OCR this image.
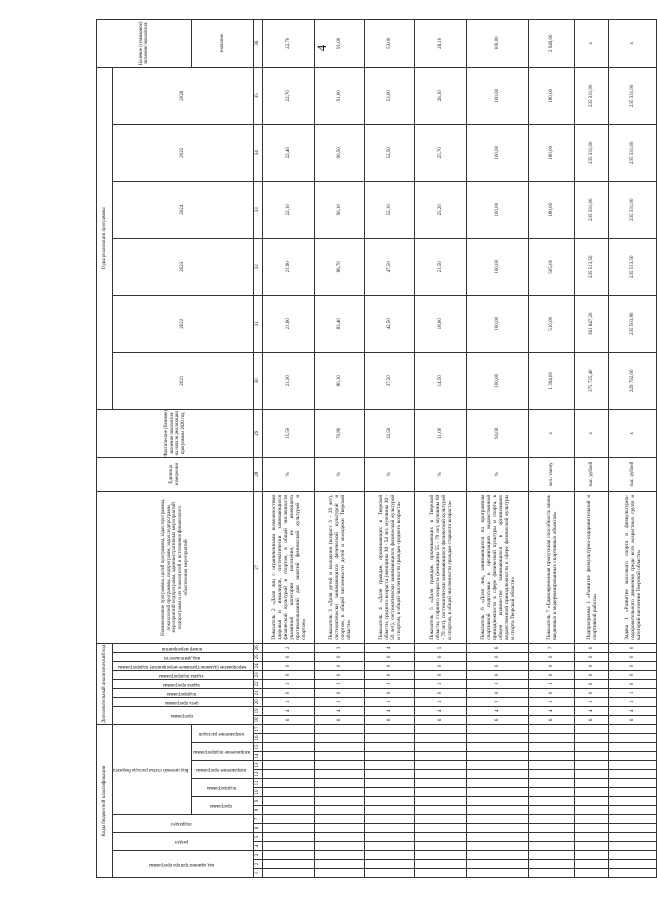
4
Коды бюджетной классификации																	Дополнительный аналитический код									Наименование программы, целей программы, задач программы, показателей программы, подпрограмм, задач подпрограмм, мероприятий подпрограмм, административных мероприятий подпрограмм и их показателей и источников финансового обеспечения мероприятий	Единица измерения	Фактическое (базовое) значение показателя на начало реализации программы 2020 год	Годы реализации программы						Целевое (суммарное) значение показателя	
код администратора программы			раздел		подраздел		Код целевой статьи расхода бюджета										программа		цель программы	подпрограмма	задача программы	задача подпрограммы	мероприятие (административное мероприятие) подпрограммы	вид деятельности	номер мероприятия				2021	2022	2023	2024	2025	2026		
							программа		подпрограмма		направление программы		направление подпрограммы		направление расходов																				значение	
1	2	3	4	5	6	7	8	9	10	11	12	13	14	15	16	17	18	19	20	21	22	23	24	25	26	27	28	29	30	31	32	33	34	35	36	
																	6	4	1	0	1	0	0	0	2	Показатель 2 «Доля лиц с ограниченными возможностями здоровья и инвалидов, систематически занимающихся физической культурой и спортом, в общей численности указанной категории населения, не имеющего противопоказаний для занятий физической культурой и спортом»	%	15,50	21,30	21,60	21,90	22,10	22,40	22,70	22,70	
																	6	4	1	0	1	0	0	0	3	Показатель 3 «Доля детей и молодежи (возраст 3 - 29 лет), систематически занимающихся физической культурой и спортом, в общей численности детей и молодежи Тверской области»	%	70,80	80,10	83,40	86,70	90,10	90,50	91,00	91,00	
																	6	4	1	0	1	0	0	0	4	Показатель 4 «Доля граждан, проживающих в Тверской области, среднего возраста (женщины 30 - 54 лет, мужчины 30 - 59 лет), систематически занимающихся физической культурой и спортом, в общей численности граждан среднего возраста»	%	32,50	37,50	42,50	47,50	52,10	52,50	53,00	53,00	
																	6	4	1	0	1	0	0	0	5	Показатель 5 «Доля граждан, проживающих в Тверской области, старшего возраста (женщины 55 - 79 лет, мужчины 60 - 79 лет), систематически занимающихся физической культурой и спортом, в общей численности граждан старшего возраста»	%	11,00	14,50	18,00	21,50	25,20	25,70	26,10	26,10	
																	6	4	1	0	1	0	0	0	6	Показатель 6 «Доля лиц, занимающихся по программам спортивной подготовки в организациях ведомственной принадлежности к сфере физической культуры и спорта, в общем количестве занимающихся в организациях ведомственной принадлежности к сфере физической культуры и спорта Тверской области»	%	93,00	100,00	100,00	100,00	100,00	100,00	100,00	100,00	
																	6	4	1	0	1	0	0	0	7	Показатель 7 «Единовременная пропускная способность вновь введенных и модернизированных спортивных объектов»	чел./ смену	х	1 394,00	510,00	505,00	180,00	180,00	180,00	2 949,00	
																	6	4	1	0	0	0	0	0	0	Подпрограмма 1 «Развитие физкультурно-оздоровительной и спортивной работы»	тыс. рублей	х	375 725,40	361 647,20	235 513,50	235 331,00	235 331,00	235 331,00	х	
																	6	4	1	1	0	0	0	0	0	Задача 1 «Развитие массового спорта и физкультурно-оздоровительного движения среди всех возрастных групп и категорий населения Тверской области»	тыс. рублей	х	229 792,00	235 503,80	235 513,50	235 331,00	235 331,00	235 331,00	х	
